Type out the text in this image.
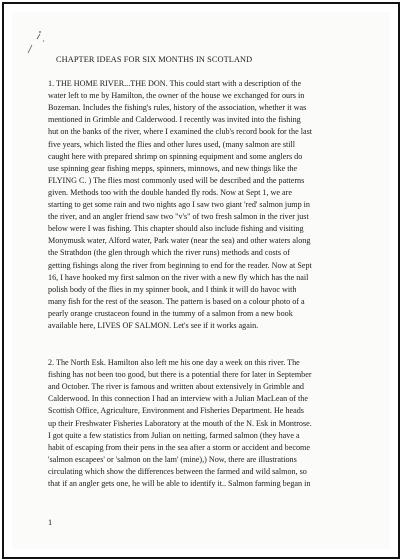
CHAPTER IDEAS FOR SIX MONTHS IN SCOTLAND
1. THE HOME RIVER...THE DON. This could start with a description of the
water left to me by Hamilton, the owner of the house we exchanged for ours in
Bozeman. Includes the fishing's rules, history of the association, whether it was
mentioned in Grimble and Calderwood. I recently was invited into the fishing
hut on the banks of the river, where I examined the club's record book for the last
five years, which listed the flies and other lures used, (many salmon are still
caught here with prepared shrimp on spinning equipment and some anglers do
use spinning gear fishing mepps, spinners, minnows, and new things like the
FLYING C. ) The flies most commonly used will be described and the patterns
given. Methods too with the double handed fly rods. Now at Sept 1, we are
starting to get some rain and two nights ago I saw two giant 'red' salmon jump in
the river, and an angler friend saw two "v's" of two fresh salmon in the river just
below were I was fishing. This chapter should also include fishing and visiting
Monymusk water, Alford water, Park water (near the sea) and other waters along
the Strathdon (the glen through which the river runs) methods and costs of
getting fishings along the river from beginning to end for the reader. Now at Sept
16, I have hooked my first salmon on the river with a new fly which has the nail
polish body of the flies in my spinner book, and I think it will do havoc with
many fish for the rest of the season. The pattern is based on a colour photo of a
pearly orange crustaceon found in the tummy of a salmon from a new book
available here, LIVES OF SALMON. Let's see if it works again.
2. The North Esk. Hamilton also left me his one day a week on this river. The
fishing has not been too good, but there is a potential there for later in September
and October. The river is famous and written about extensively in Grimble and
Calderwood. In this connection I had an interview with a Julian MacLean of the
Scottish Office, Agriculture, Environment and Fisheries Department. He heads
up their Freshwater Fisheries Laboratory at the mouth of the N. Esk in Montrose.
I got quite a few statistics from Julian on netting, farmed salmon (they have a
habit of escaping from their pens in the sea after a storm or accident and become
'salmon escapees' or 'salmon on the lam' (mine),) Now, there are illustrations
circulating which show the differences between the farmed and wild salmon, so
that if an angler gets one, he will be able to identify it.. Salmon farming began in
1
